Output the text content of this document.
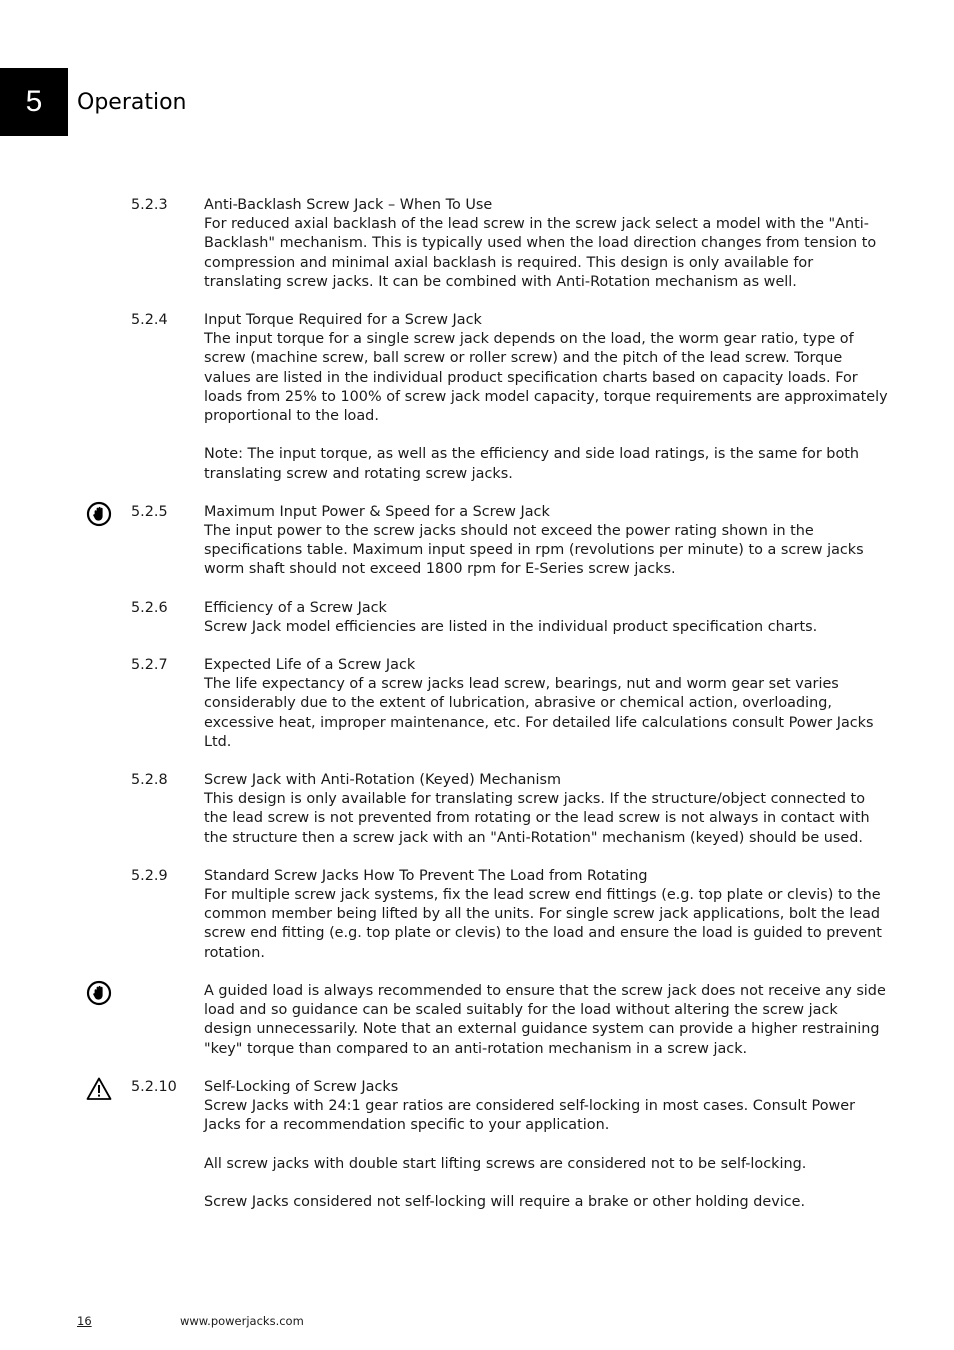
5	Operation
5.2.3	Anti-Backlash Screw Jack – When To Use

For reduced axial backlash of the lead screw in the screw jack select a model with the "Anti-Backlash" mechanism. This is typically used when the load direction changes from tension to compression and minimal axial backlash is required. This design is only available for translating screw jacks. It can be combined with Anti-Rotation mechanism as well.

5.2.4	Input Torque Required for a Screw Jack

The input torque for a single screw jack depends on the load, the worm gear ratio, type of screw (machine screw, ball screw or roller screw) and the pitch of the lead screw. Torque values are listed in the individual product specification charts based on capacity loads. For loads from 25% to 100% of screw jack model capacity, torque requirements are approximately proportional to the load.

Note: The input torque, as well as the efficiency and side load ratings, is the same for both translating screw and rotating screw jacks.

5.2.5	Maximum Input Power & Speed for a Screw Jack

The input power to the screw jacks should not exceed the power rating shown in the specifications table. Maximum input speed in rpm (revolutions per minute) to a screw jacks worm shaft should not exceed 1800 rpm for E-Series screw jacks.

5.2.6	Efficiency of a Screw Jack

Screw Jack model efficiencies are listed in the individual product specification charts.

5.2.7	Expected Life of a Screw Jack

The life expectancy of a screw jacks lead screw, bearings, nut and worm gear set varies considerably due to the extent of lubrication, abrasive or chemical action, overloading, excessive heat, improper maintenance, etc. For detailed life calculations consult Power Jacks Ltd.

5.2.8	Screw Jack with Anti-Rotation (Keyed) Mechanism

This design is only available for translating screw jacks. If the structure/object connected to the lead screw is not prevented from rotating or the lead screw is not always in contact with the structure then a screw jack with an "Anti-Rotation" mechanism (keyed) should be used.

5.2.9	Standard Screw Jacks How To Prevent The Load from Rotating

For multiple screw jack systems, fix the lead screw end fittings (e.g. top plate or clevis) to the common member being lifted by all the units. For single screw jack applications, bolt the lead screw end fitting (e.g. top plate or clevis) to the load and ensure the load is guided to prevent rotation.

A guided load is always recommended to ensure that the screw jack does not receive any side load and so guidance can be scaled suitably for the load without altering the screw jack design unnecessarily. Note that an external guidance system can provide a higher restraining "key" torque than compared to an anti-rotation mechanism in a screw jack.

5.2.10 Self-Locking of Screw Jacks

Screw Jacks with 24:1 gear ratios are considered self-locking in most cases. Consult Power Jacks for a recommendation specific to your application.

All screw jacks with double start lifting screws are considered not to be self-locking.

Screw Jacks considered not self-locking will require a brake or other holding device.

16	www.powerjacks.com
